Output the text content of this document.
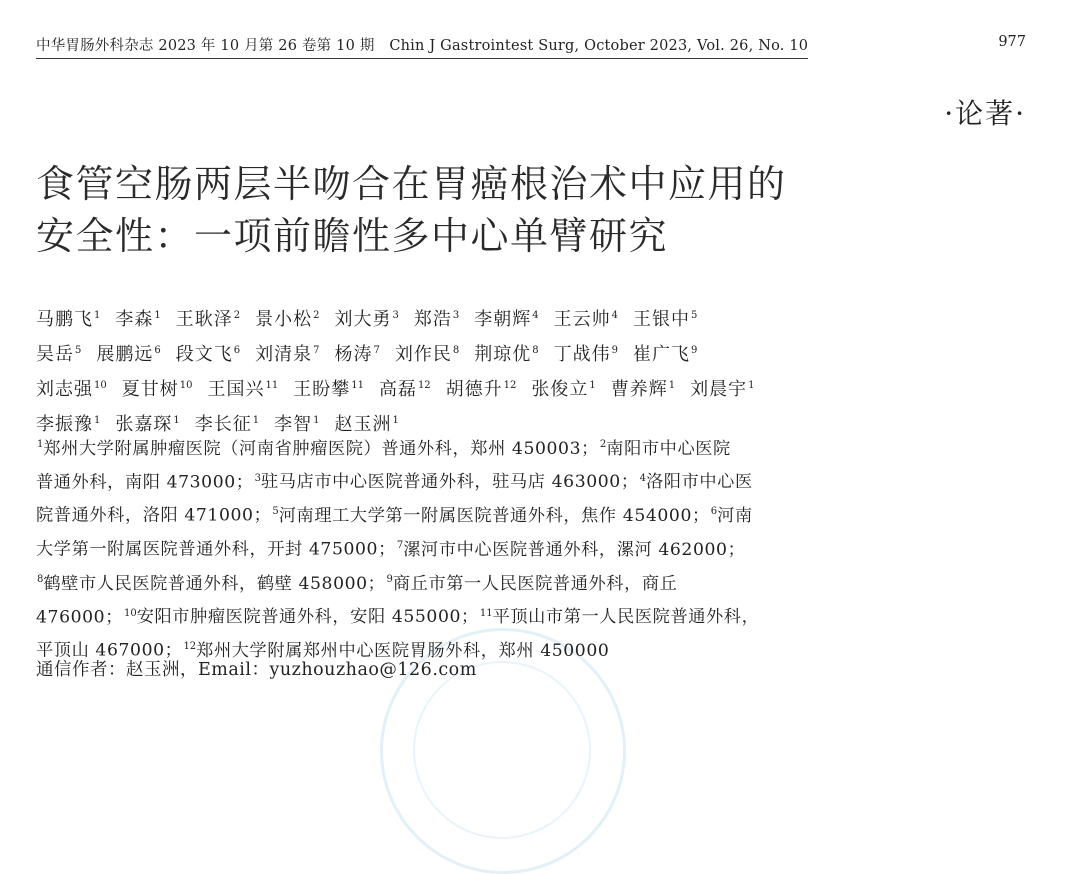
中华胃肠外科杂志 2023 年 10 月第 26 卷第 10 期 Chin J Gastrointest Surg, October 2023, Vol. 26, No. 10	977
·论著·
食管空肠两层半吻合在胃癌根治术中应用的
安全性：一项前瞻性多中心单臂研究
马鹏飞$^1$ 李森$^1$ 王耿泽$^2$ 景小松$^2$ 刘大勇$^3$ 郑浩$^3$ 李朝辉$^4$ 王云帅$^4$ 王银中$^5$
吴岳$^5$ 展鹏远$^6$ 段文飞$^6$ 刘清泉$^7$ 杨涛$^7$ 刘作民$^8$ 荆琼优$^8$ 丁战伟$^9$ 崔广飞$^9$
刘志强$^{10}$ 夏甘树$^{10}$ 王国兴$^{11}$ 王盼攀$^{11}$ 高磊$^{12}$ 胡德升$^{12}$ 张俊立$^1$ 曹养辉$^1$ 刘晨宇$^1$
李振豫$^1$ 张嘉琛$^1$ 李长征$^1$ 李智$^1$ 赵玉洲$^1$
$^1$郑州大学附属肿瘤医院（河南省肿瘤医院）普通外科，郑州 450003；$^2$南阳市中心医院
普通外科，南阳 473000；$^3$驻马店市中心医院普通外科，驻马店 463000；$^4$洛阳市中心医
院普通外科，洛阳 471000；$^5$河南理工大学第一附属医院普通外科，焦作 454000；$^6$河南
大学第一附属医院普通外科，开封 475000；$^7$漯河市中心医院普通外科，漯河 462000；
$^8$鹤壁市人民医院普通外科，鹤壁 458000；$^9$商丘市第一人民医院普通外科，商丘
476000；$^{10}$安阳市肿瘤医院普通外科，安阳 455000；$^{11}$平顶山市第一人民医院普通外科，
平顶山 467000；$^{12}$郑州大学附属郑州中心医院胃肠外科，郑州 450000
通信作者：赵玉洲，Email：yuzhouzhao@126.com
